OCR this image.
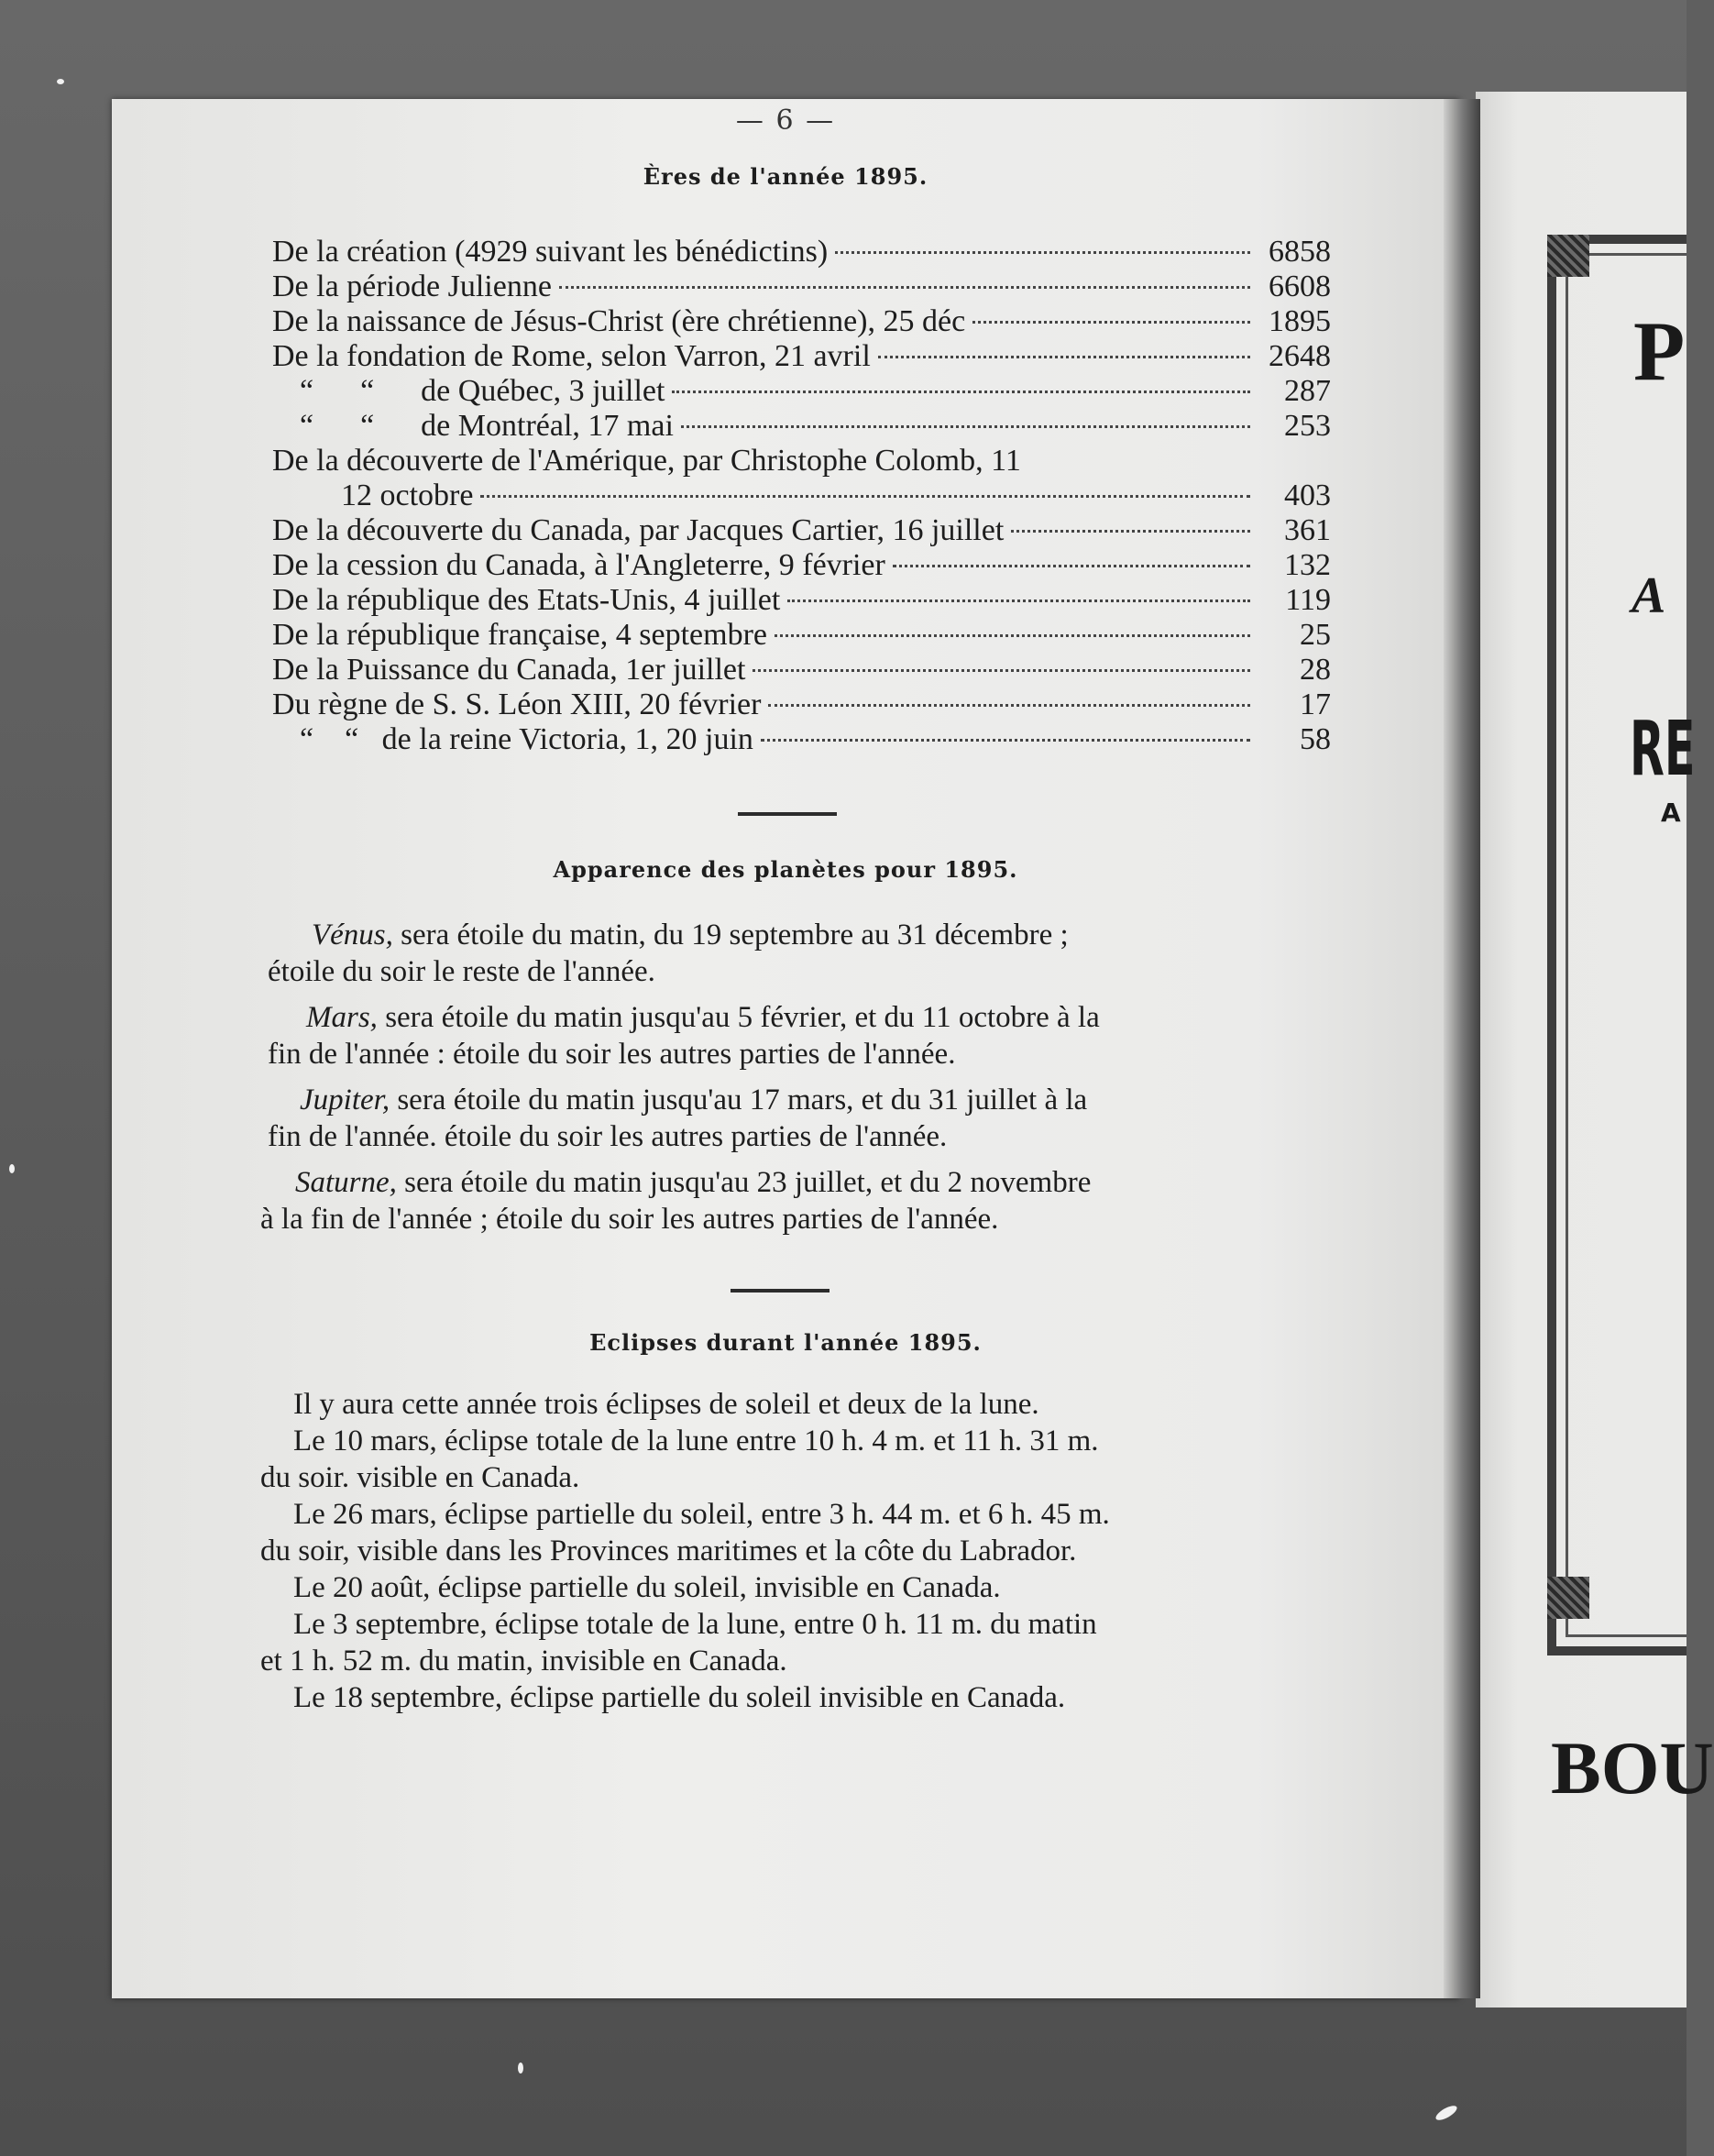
P
A
RE
A
BOU
— 6 —
Ères de l'année 1895.
De la création (4929 suivant les bénédictins)	6858
De la période Julienne	6608
De la naissance de Jésus-Christ (ère chrétienne), 25 déc	1895
De la fondation de Rome, selon Varron, 21 avril	2648
“      “      de Québec, 3 juillet	287
“      “      de Montréal, 17 mai	253
De la découverte de l'Amérique, par Christophe Colomb, 11
12 octobre	403
De la découverte du Canada, par Jacques Cartier, 16 juillet	361
De la cession du Canada, à l'Angleterre, 9 février	132
De la république des Etats-Unis, 4 juillet	119
De la république française, 4 septembre	25
De la Puissance du Canada, 1er juillet	28
Du règne de S. S. Léon XIII, 20 février	17
“    “   de la reine Victoria, 1, 20 juin	58
Apparence des planètes pour 1895.
Vénus, sera étoile du matin, du 19 septembre au 31 décembre ;
étoile du soir le reste de l'année.
Mars, sera étoile du matin jusqu'au 5 février, et du 11 octobre à la
fin de l'année : étoile du soir les autres parties de l'année.
Jupiter, sera étoile du matin jusqu'au 17 mars, et du 31 juillet à la
fin de l'année. étoile du soir les autres parties de l'année.
Saturne, sera étoile du matin jusqu'au 23 juillet, et du 2 novembre
à la fin de l'année ; étoile du soir les autres parties de l'année.
Eclipses durant l'année 1895.
Il y aura cette année trois éclipses de soleil et deux de la lune.
Le 10 mars, éclipse totale de la lune entre 10 h. 4 m. et 11 h. 31 m.
du soir. visible en Canada.
Le 26 mars, éclipse partielle du soleil, entre 3 h. 44 m. et 6 h. 45 m.
du soir, visible dans les Provinces maritimes et la côte du Labrador.
Le 20 août, éclipse partielle du soleil, invisible en Canada.
Le 3 septembre, éclipse totale de la lune, entre 0 h. 11 m. du matin
et 1 h. 52 m. du matin, invisible en Canada.
Le 18 septembre, éclipse partielle du soleil invisible en Canada.
